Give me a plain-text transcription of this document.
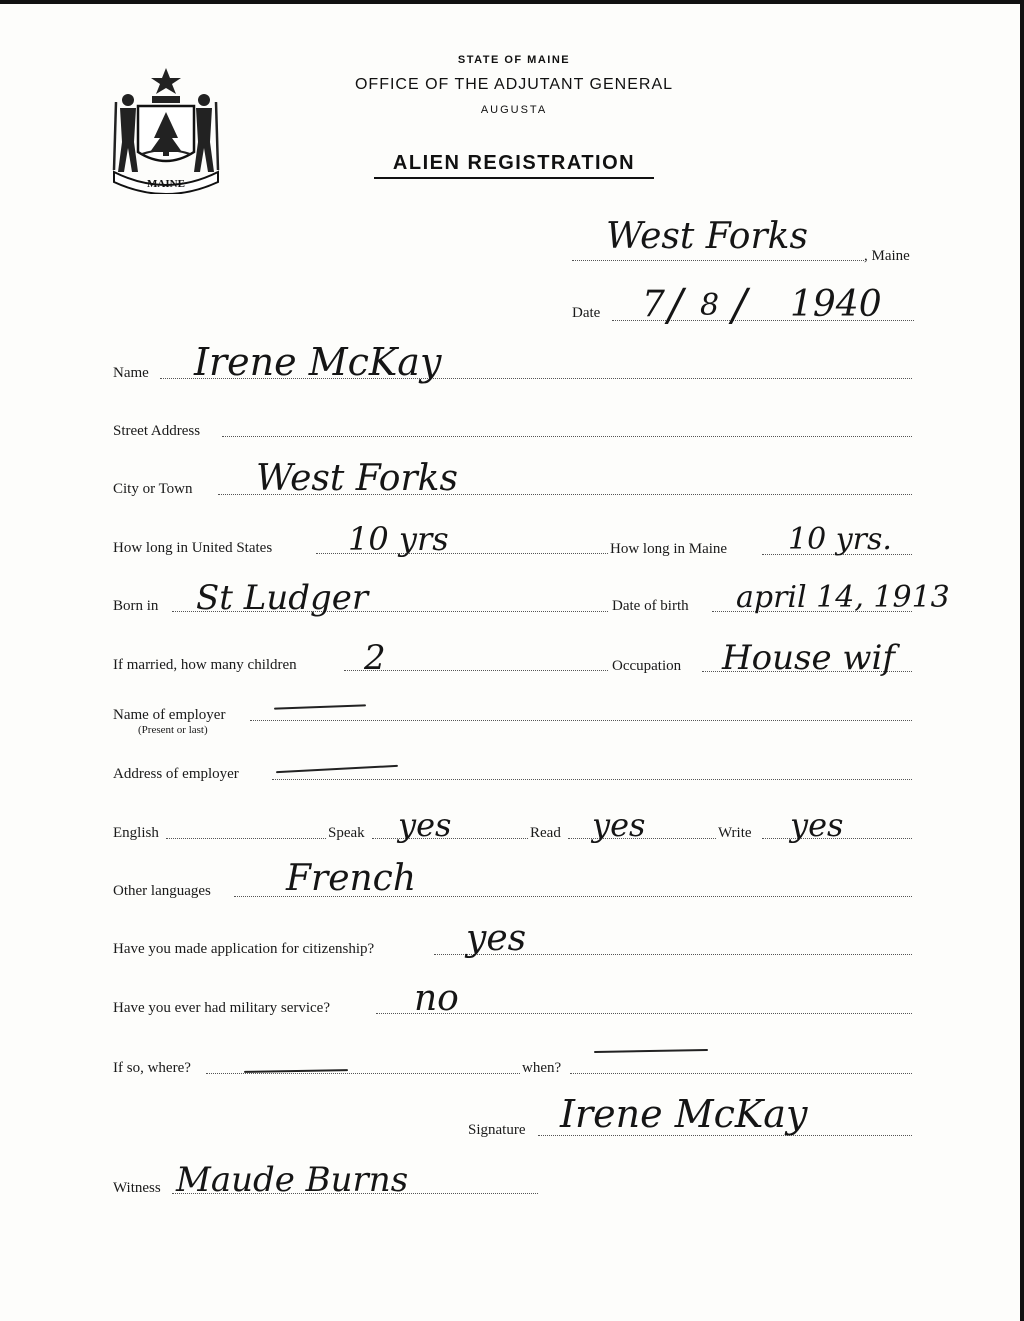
MAINE
STATE OF MAINE
OFFICE OF THE ADJUTANT GENERAL
AUGUSTA
ALIEN REGISTRATION
West Forks	, Maine
Date 7 / 8 / 1940
Name Irene McKay
Street Address
City or Town West Forks
How long in United States 10 yrs	How long in Maine 10 yrs.
Born in St Ludger	Date of birth april 14, 1913
If married, how many children 2	Occupation House wif
Name of employer
(Present or last)
Address of employer
English	Speak yes	Read yes	Write yes
Other languages French
Have you made application for citizenship?	yes
Have you ever had military service? no
If so, where?	when?
Signature Irene McKay
Witness Maude Burns
